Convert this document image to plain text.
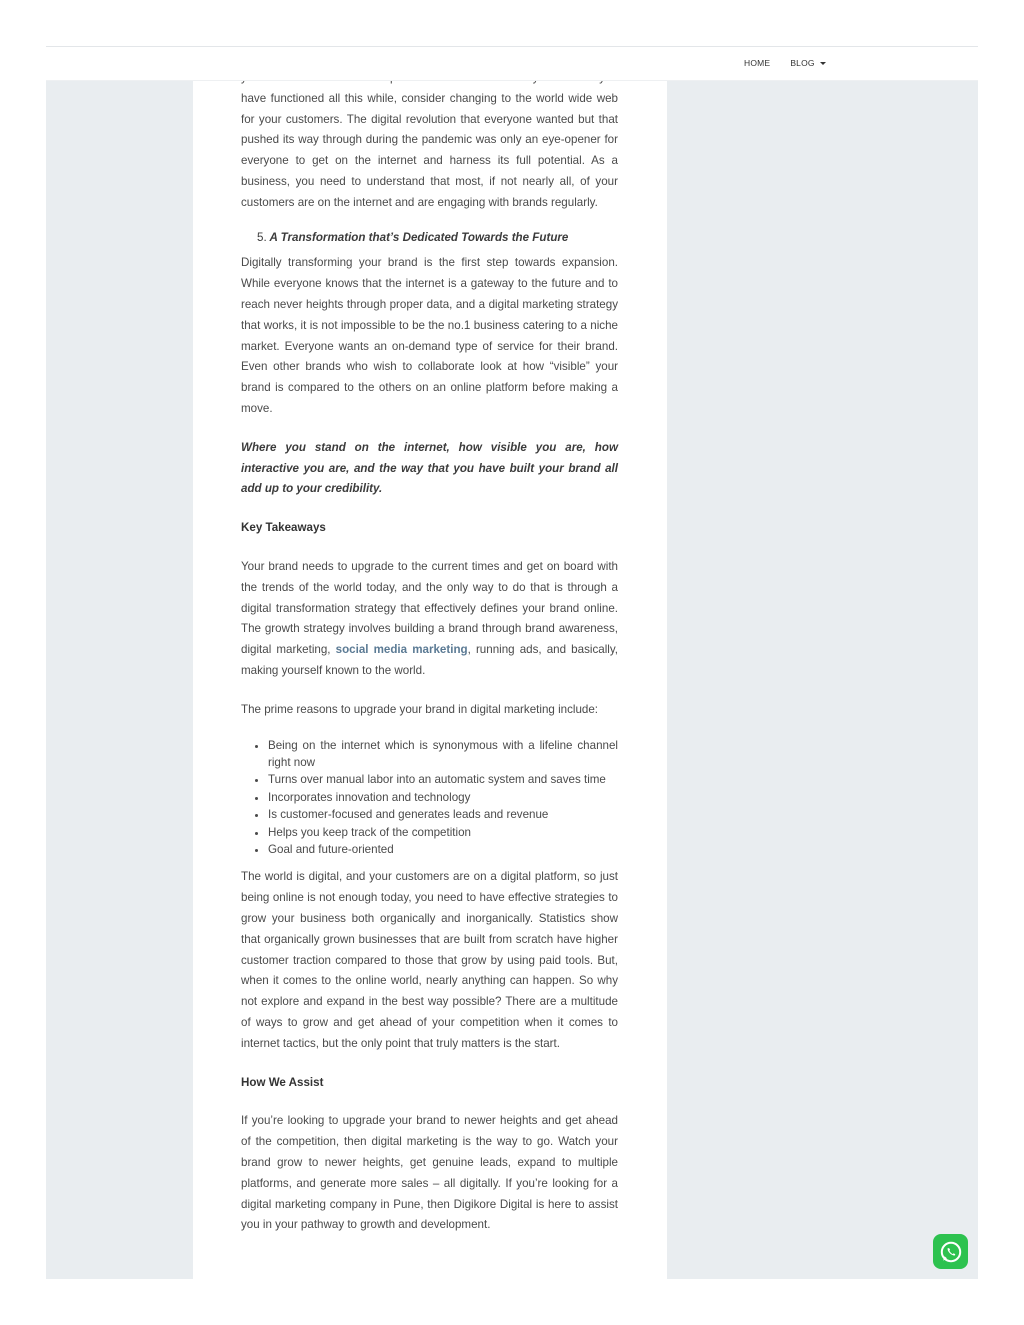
have functioned all this while, consider changing to the world wide web for your customers. The digital revolution that everyone wanted but that pushed its way through during the pandemic was only an eye-opener for everyone to get on the internet and harness its full potential. As a business, you need to understand that most, if not nearly all, of your customers are on the internet and are engaging with brands regularly.

5. A Transformation that’s Dedicated Towards the Future

Digitally transforming your brand is the first step towards expansion. While everyone knows that the internet is a gateway to the future and to reach never heights through proper data, and a digital marketing strategy that works, it is not impossible to be the no.1 business catering to a niche market. Everyone wants an on-demand type of service for their brand. Even other brands who wish to collaborate look at how “visible” your brand is compared to the others on an online platform before making a move.

Where you stand on the internet, how visible you are, how interactive you are, and the way that you have built your brand all add up to your credibility.

Key Takeaways

Your brand needs to upgrade to the current times and get on board with the trends of the world today, and the only way to do that is through a digital transformation strategy that effectively defines your brand online. The growth strategy involves building a brand through brand awareness, digital marketing, social media marketing, running ads, and basically, making yourself known to the world.

The prime reasons to upgrade your brand in digital marketing include:

• Being on the internet which is synonymous with a lifeline channel right now
• Turns over manual labor into an automatic system and saves time
• Incorporates innovation and technology
• Is customer-focused and generates leads and revenue
• Helps you keep track of the competition
• Goal and future-oriented

The world is digital, and your customers are on a digital platform, so just being online is not enough today, you need to have effective strategies to grow your business both organically and inorganically. Statistics show that organically grown businesses that are built from scratch have higher customer traction compared to those that grow by using paid tools. But, when it comes to the online world, nearly anything can happen. So why not explore and expand in the best way possible? There are a multitude of ways to grow and get ahead of your competition when it comes to internet tactics, but the only point that truly matters is the start.

How We Assist

If you’re looking to upgrade your brand to newer heights and get ahead of the competition, then digital marketing is the way to go. Watch your brand grow to newer heights, get genuine leads, expand to multiple platforms, and generate more sales – all digitally. If you’re looking for a digital marketing company in Pune, then Digikore Digital is here to assist you in your pathway to growth and development.

HOME BLOG
